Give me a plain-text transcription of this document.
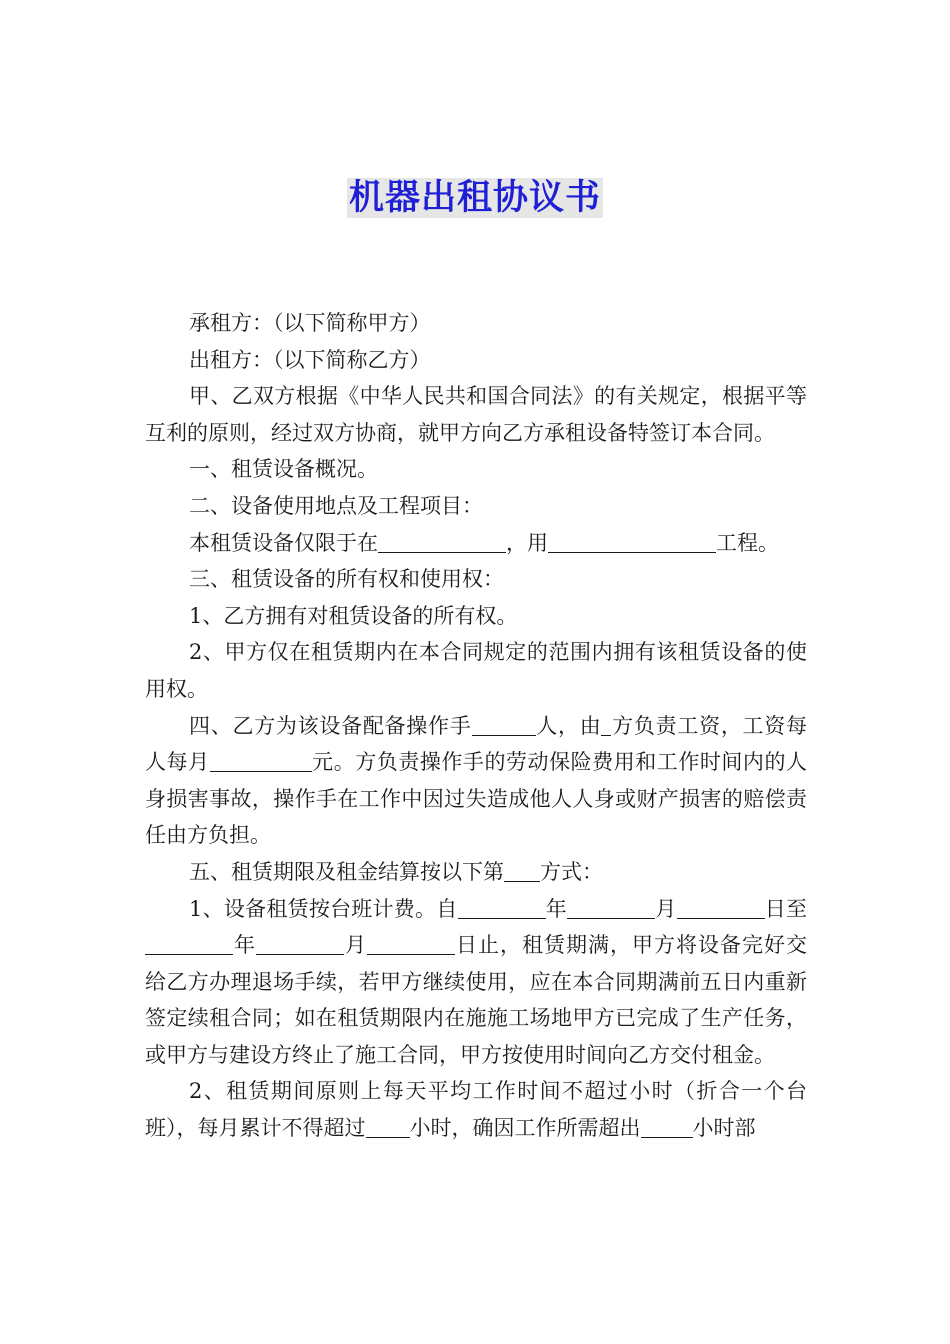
机器出租协议书

承租方：（以下简称甲方）

出租方：（以下简称乙方）

甲、乙双方根据《中华人民共和国合同法》的有关规定，根据平等互利的原则，经过双方协商，就甲方向乙方承租设备特签订本合同。

一、租赁设备概况。

二、设备使用地点及工程项目：

本租赁设备仅限于在	，用	工程。

三、租赁设备的所有权和使用权：

1、乙方拥有对租赁设备的所有权。

2、甲方仅在租赁期内在本合同规定的范围内拥有该租赁设备的使用权。

四、乙方为该设备配备操作手	人，由 方负责工资，工资每人每月	元。方负责操作手的劳动保险费用和工作时间内的人身损害事故，操作手在工作中因过失造成他人人身或财产损害的赔偿责任由方负担。

五、租赁期限及租金结算按以下第 方式：

1、设备租赁按台班计费。自	年	月	日至年	月	日止，租赁期满，甲方将设备完好交给乙方办理退场手续，若甲方继续使用，应在本合同期满前五日内重新签定续租合同；如在租赁期限内在施施工场地甲方已完成了生产任务，或甲方与建设方终止了施工合同，甲方按使用时间向乙方交付租金。

2、租赁期间原则上每天平均工作时间不超过小时（折合一个台班），每月累计不得超过 小时，确因工作所需超出 小时部
